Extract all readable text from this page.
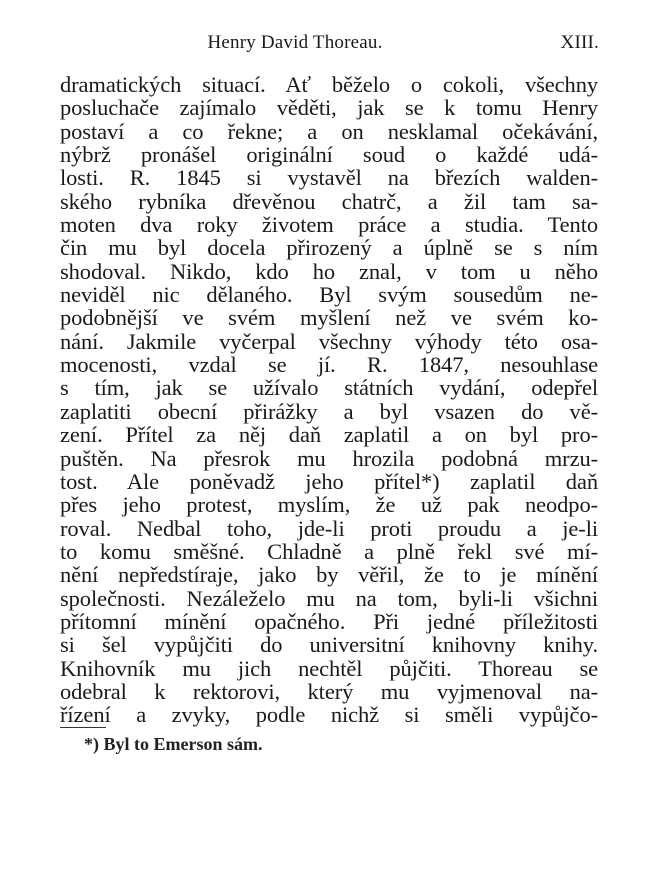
Henry David Thoreau.	XIII.
dramatických situací. Ať běželo o cokoli, všechny
posluchače zajímalo věděti, jak se k tomu Henry
postaví a co řekne; a on nesklamal očekávání,
nýbrž pronášel originální soud o každé udá-
losti. R. 1845 si vystavěl na březích walden-
ského rybníka dřevěnou chatrč, a žil tam sa-
moten dva roky životem práce a studia. Tento
čin mu byl docela přirozený a úplně se s ním
shodoval. Nikdo, kdo ho znal, v tom u něho
neviděl nic dělaného. Byl svým sousedům ne-
podobnější ve svém myšlení než ve svém ko-
nání. Jakmile vyčerpal všechny výhody této osa-
mocenosti, vzdal se jí. R. 1847, nesouhlase
s tím, jak se užívalo státních vydání, odepřel
zaplatiti obecní přirážky a byl vsazen do vě-
zení. Přítel za něj daň zaplatil a on byl pro-
puštěn. Na přesrok mu hrozila podobná mrzu-
tost. Ale poněvadž jeho přítel*) zaplatil daň
přes jeho protest, myslím, že už pak neodpo-
roval. Nedbal toho, jde-li proti proudu a je-li
to komu směšné. Chladně a plně řekl své mí-
nění nepředstíraje, jako by věřil, že to je mínění
společnosti. Nezáleželo mu na tom, byli-li všichni
přítomní mínění opačného. Při jedné příležitosti
si šel vypůjčiti do universitní knihovny knihy.
Knihovník mu jich nechtěl půjčiti. Thoreau se
odebral k rektorovi, který mu vyjmenoval na-
řízení a zvyky, podle nichž si směli vypůjčo-
*) Byl to Emerson sám.
